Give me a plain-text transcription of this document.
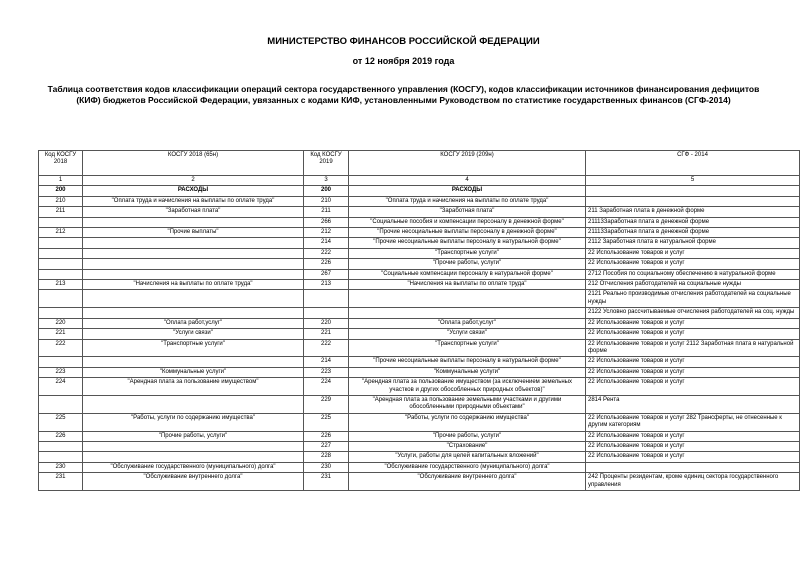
МИНИСТЕРСТВО ФИНАНСОВ РОССИЙСКОЙ ФЕДЕРАЦИИ
от 12 ноября 2019 года
Таблица соответствия кодов классификации операций сектора государственного управления (КОСГУ), кодов классификации источников финансирования дефицитов (КИФ) бюджетов Российской Федерации, увязанных с кодами КИФ, установленными Руководством по статистике государственных финансов (СГФ-2014)
Код КОСГУ 2018	КОСГУ 2018 (65н)	Код КОСГУ 2019	КОСГУ 2019 (209н)	СГФ - 2014
1	2	3	4	5
200	РАСХОДЫ	200	РАСХОДЫ	
210	"Оплата труда и начисления на выплаты по оплате труда"	210	"Оплата труда и начисления на выплаты по оплате труда"	
211	"Заработная плата"	211	"Заработная плата"	211 Заработная плата в денежной форме
		266	"Социальные пособия и компенсации персоналу в денежной форме"	21113Заработная плата в денежной форме
212	"Прочие выплаты"	212	"Прочие несоциальные выплаты персоналу в денежной форме"	21113Заработная плата в денежной форме
		214	"Прочие несоциальные выплаты персоналу в натуральной форме"	2112 Заработная плата в натуральной форме
		222	"Транспортные услуги"	22 Использование товаров и услуг
		226	"Прочие работы, услуги"	22 Использование товаров и услуг
		267	"Социальные компенсации персоналу в натуральной форме"	2712 Пособия по социальному обеспечению в натуральной форме
213	"Начисления на выплаты по оплате труда"	213	"Начисления на выплаты по оплате труда"	212 Отчисления работодателей на социальные нужды
				2121 Реально производимые отчисления работодателей на социальные нужды
				2122 Условно рассчитываемые отчисления работодателей на соц. нужды
220	"Оплата работ,услуг"	220	"Оплата работ,услуг"	22 Использование товаров и услуг
221	"Услуги связи"	221	"Услуги связи"	22 Использование товаров и услуг
222	"Транспортные услуги"	222	"Транспортные услуги"	22 Использование товаров и услуг 2112 Заработная плата в натуральной форме
		214	"Прочие несоциальные выплаты персоналу в натуральной форме"	22 Использование товаров и услуг
223	"Коммунальные услуги"	223	"Коммунальные услуги"	22 Использование товаров и услуг
224	"Арендная плата за пользование имуществом"	224	"Арендная плата за пользование имуществом (за исключением земельных участков и других обособленных природных объектов)"	22 Использование товаров и услуг
		229	"Арендная плата за пользование земельными участками и другими обособленными природными объектами"	2814 Рента
225	"Работы, услуги по содержанию имущества"	225	"Работы, услуги по содержанию имущества"	22 Использование товаров и услуг 282 Трансферты, не отнесенные к другим категориям
226	"Прочие работы, услуги"	226	"Прочие работы, услуги"	22 Использование товаров и услуг
		227	"Страхование"	22 Использование товаров и услуг
		228	"Услуги, работы для целей капитальных вложений"	22 Использование товаров и услуг
230	"Обслуживание государственного (муниципального) долга"	230	"Обслуживание государственного (муниципального) долга"	
231	"Обслуживание внутреннего долга"	231	"Обслуживание внутреннего долга"	242 Проценты резидентам, кроме единиц сектора государственного управления
